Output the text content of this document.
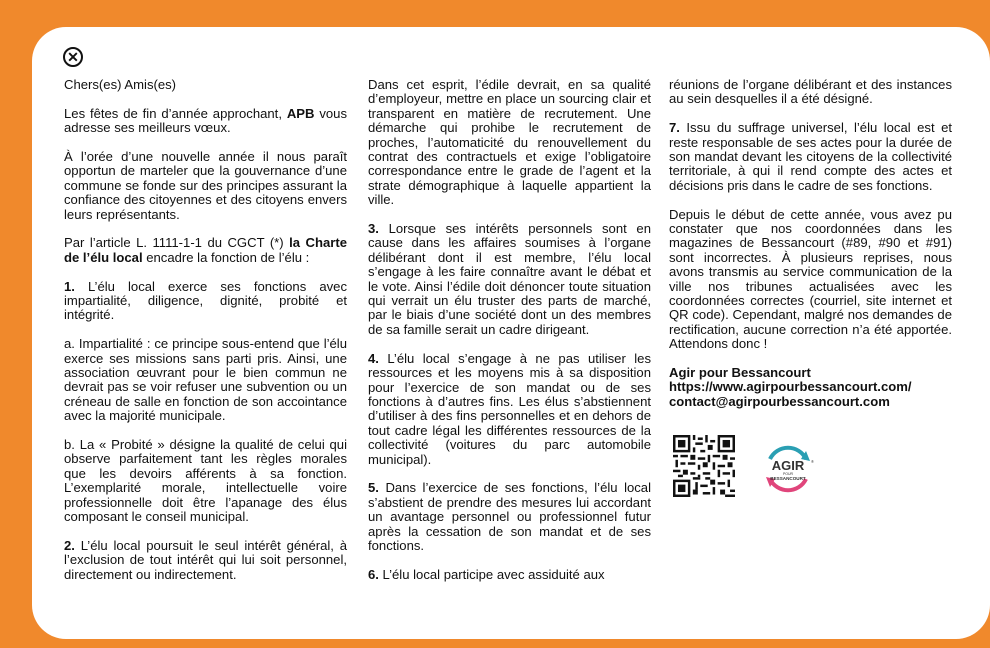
✕

Chers(es) Amis(es)

Les fêtes de fin d’année approchant, APB vous adresse ses meilleurs vœux.

À l’orée d’une nouvelle année il nous paraît opportun de marteler que la gouvernance d’une commune se fonde sur des principes assurant la confiance des citoyennes et des citoyens envers leurs représentants.

Par l’article L. 1111-1-1 du CGCT (*) la Charte de l’élu local encadre la fonction de l’élu :

1. L’élu local exerce ses fonctions avec impartialité, diligence, dignité, probité et intégrité.

a. Impartialité : ce principe sous-entend que l’élu exerce ses missions sans parti pris. Ainsi, une association œuvrant pour le bien commun ne devrait pas se voir refuser une subvention ou un créneau de salle en fonction de son accointance avec la majorité municipale.

b. La « Probité » désigne la qualité de celui qui observe parfaitement tant les règles morales que les devoirs afférents à sa fonction. L’exemplarité morale, intellectuelle voire professionnelle doit être l’apanage des élus composant le conseil municipal.

2. L’élu local poursuit le seul intérêt général, à l’exclusion de tout intérêt qui lui soit personnel, directement ou indirectement.

Dans cet esprit, l’édile devrait, en sa qualité d’employeur, mettre en place un sourcing clair et transparent en matière de recrutement. Une démarche qui prohibe le recrutement de proches, l’automaticité du renouvellement du contrat des contractuels et exige l’obligatoire correspondance entre le grade de l’agent et la strate démographique à laquelle appartient la ville.

3. Lorsque ses intérêts personnels sont en cause dans les affaires soumises à l’organe délibérant dont il est membre, l’élu local s’engage à les faire connaître avant le débat et le vote. Ainsi l’édile doit dénoncer toute situation qui verrait un élu truster des parts de marché, par le biais d’une société dont un des membres de sa famille serait un cadre dirigeant.

4. L’élu local s’engage à ne pas utiliser les ressources et les moyens mis à sa disposition pour l’exercice de son mandat ou de ses fonctions à d’autres fins. Les élus s’abstiennent d’utiliser à des fins personnelles et en dehors de tout cadre légal les différentes ressources de la collectivité (voitures du parc automobile municipal).

5. Dans l’exercice de ses fonctions, l’élu local s’abstient de prendre des mesures lui accordant un avantage personnel ou professionnel futur après la cessation de son mandat et de ses fonctions.

6. L’élu local participe avec assiduité aux

réunions de l’organe délibérant et des instances au sein desquelles il a été désigné.

7. Issu du suffrage universel, l’élu local est et reste responsable de ses actes pour la durée de son mandat devant les citoyens de la collectivité territoriale, à qui il rend compte des actes et décisions pris dans le cadre de ses fonctions.

Depuis le début de cette année, vous avez pu constater que nos coordonnées dans les magazines de Bessancourt (#89, #90 et #91) sont incorrectes. À plusieurs reprises, nous avons transmis au service communication de la ville nos tribunes actualisées avec les coordonnées correctes (courriel, site internet et QR code). Cependant, malgré nos demandes de rectification, aucune correction n’a été apportée. Attendons donc !

Agir pour Bessancourt
https://www.agirpourbessancourt.com/
contact@agirpourbessancourt.com
AGIR ®
POUR
BESSANCOURT
